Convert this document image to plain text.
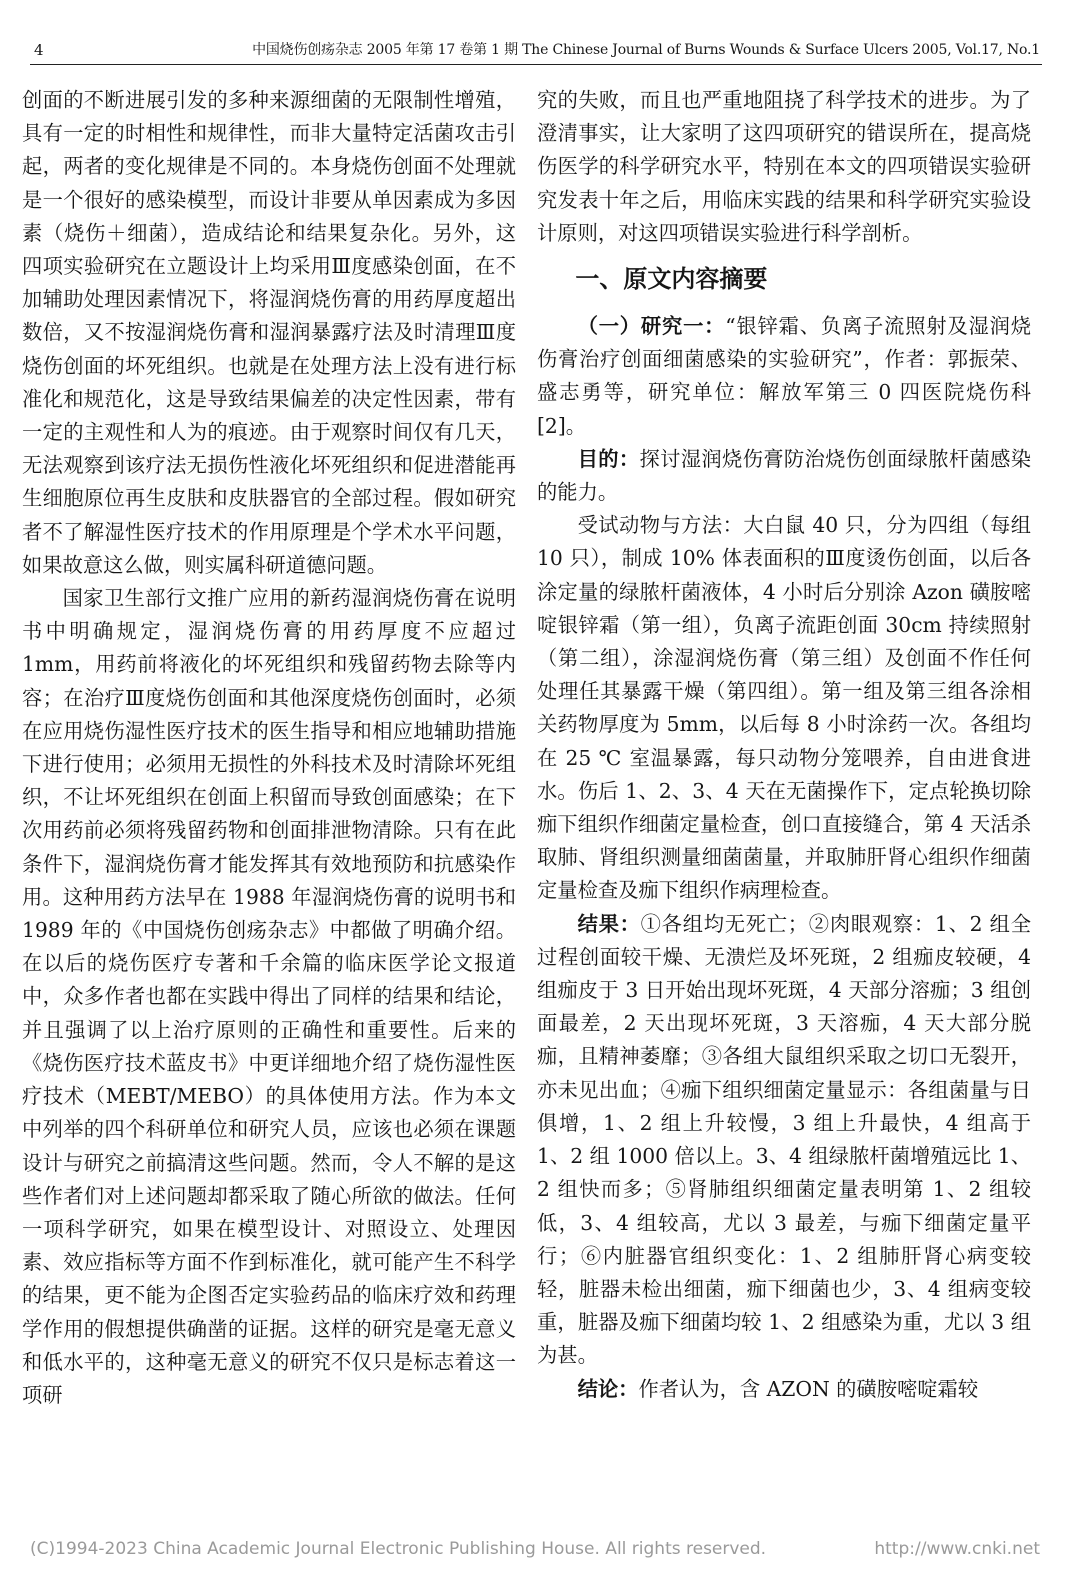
4	中国烧伤创疡杂志 2005 年第 17 卷第 1 期 The Chinese Journal of Burns Wounds & Surface Ulcers 2005, Vol.17, No.1

创面的不断进展引发的多种来源细菌的无限制性增殖，具有一定的时相性和规律性，而非大量特定活菌攻击引起，两者的变化规律是不同的。本身烧伤创面不处理就是一个很好的感染模型，而设计非要从单因素成为多因素（烧伤＋细菌），造成结论和结果复杂化。另外，这四项实验研究在立题设计上均采用Ⅲ度感染创面，在不加辅助处理因素情况下，将湿润烧伤膏的用药厚度超出数倍，又不按湿润烧伤膏和湿润暴露疗法及时清理Ⅲ度烧伤创面的坏死组织。也就是在处理方法上没有进行标准化和规范化，这是导致结果偏差的决定性因素，带有一定的主观性和人为的痕迹。由于观察时间仅有几天，无法观察到该疗法无损伤性液化坏死组织和促进潜能再生细胞原位再生皮肤和皮肤器官的全部过程。假如研究者不了解湿性医疗技术的作用原理是个学术水平问题，如果故意这么做，则实属科研道德问题。

国家卫生部行文推广应用的新药湿润烧伤膏在说明书中明确规定，湿润烧伤膏的用药厚度不应超过 1mm，用药前将液化的坏死组织和残留药物去除等内容；在治疗Ⅲ度烧伤创面和其他深度烧伤创面时，必须在应用烧伤湿性医疗技术的医生指导和相应地辅助措施下进行使用；必须用无损性的外科技术及时清除坏死组织，不让坏死组织在创面上积留而导致创面感染；在下次用药前必须将残留药物和创面排泄物清除。只有在此条件下，湿润烧伤膏才能发挥其有效地预防和抗感染作用。这种用药方法早在 1988 年湿润烧伤膏的说明书和 1989 年的《中国烧伤创疡杂志》中都做了明确介绍。在以后的烧伤医疗专著和千余篇的临床医学论文报道中，众多作者也都在实践中得出了同样的结果和结论，并且强调了以上治疗原则的正确性和重要性。后来的《烧伤医疗技术蓝皮书》中更详细地介绍了烧伤湿性医疗技术（MEBT/MEBO）的具体使用方法。作为本文中列举的四个科研单位和研究人员，应该也必须在课题设计与研究之前搞清这些问题。然而，令人不解的是这些作者们对上述问题却都采取了随心所欲的做法。任何一项科学研究，如果在模型设计、对照设立、处理因素、效应指标等方面不作到标准化，就可能产生不科学的结果，更不能为企图否定实验药品的临床疗效和药理学作用的假想提供确凿的证据。这样的研究是毫无意义和低水平的，这种毫无意义的研究不仅只是标志着这一项研

究的失败，而且也严重地阻挠了科学技术的进步。为了澄清事实，让大家明了这四项研究的错误所在，提高烧伤医学的科学研究水平，特别在本文的四项错误实验研究发表十年之后，用临床实践的结果和科学研究实验设计原则，对这四项错误实验进行科学剖析。

一、原文内容摘要

（一）研究一：“银锌霜、负离子流照射及湿润烧伤膏治疗创面细菌感染的实验研究”，作者：郭振荣、盛志勇等，研究单位：解放军第三 0 四医院烧伤科[2]。

目的：探讨湿润烧伤膏防治烧伤创面绿脓杆菌感染的能力。

受试动物与方法：大白鼠 40 只，分为四组（每组 10 只），制成 10% 体表面积的Ⅲ度烫伤创面，以后各涂定量的绿脓杆菌液体，4 小时后分别涂 Azon 磺胺嘧啶银锌霜（第一组），负离子流距创面 30cm 持续照射（第二组），涂湿润烧伤膏（第三组）及创面不作任何处理任其暴露干燥（第四组）。第一组及第三组各涂相关药物厚度为 5mm，以后每 8 小时涂药一次。各组均在 25 ℃ 室温暴露，每只动物分笼喂养，自由进食进水。伤后 1、2、3、4 天在无菌操作下，定点轮换切除痂下组织作细菌定量检查，创口直接缝合，第 4 天活杀取肺、肾组织测量细菌菌量，并取肺肝肾心组织作细菌定量检查及痂下组织作病理检查。

结果：①各组均无死亡；②肉眼观察：1、2 组全过程创面较干燥、无溃烂及坏死斑，2 组痂皮较硬，4 组痂皮于 3 日开始出现坏死斑，4 天部分溶痂；3 组创面最差，2 天出现坏死斑，3 天溶痂，4 天大部分脱痂，且精神萎靡；③各组大鼠组织采取之切口无裂开，亦未见出血；④痂下组织细菌定量显示：各组菌量与日俱增，1、2 组上升较慢，3 组上升最快，4 组高于 1、2 组 1000 倍以上。3、4 组绿脓杆菌增殖远比 1、2 组快而多；⑤肾肺组织细菌定量表明第 1、2 组较低，3、4 组较高，尤以 3 最差，与痂下细菌定量平行；⑥内脏器官组织变化：1、2 组肺肝肾心病变较轻，脏器未检出细菌，痂下细菌也少，3、4 组病变较重，脏器及痂下细菌均较 1、2 组感染为重，尤以 3 组为甚。

结论：作者认为，含 AZON 的磺胺嘧啶霜较

(C)1994-2023 China Academic Journal Electronic Publishing House. All rights reserved.	http://www.cnki.net
